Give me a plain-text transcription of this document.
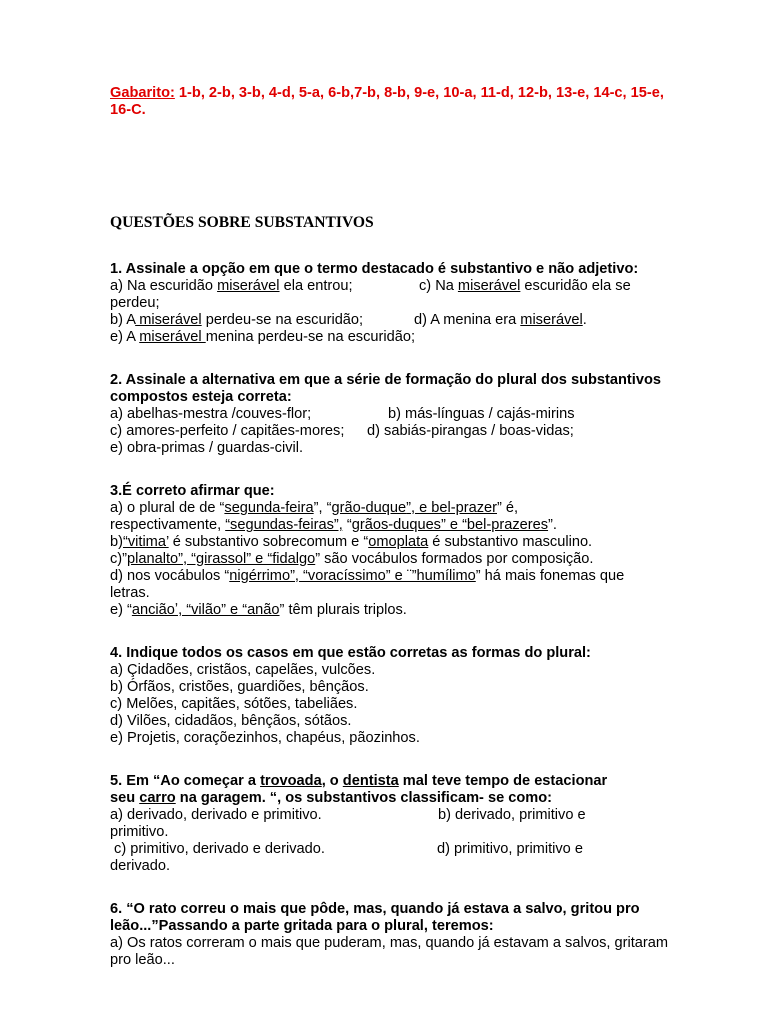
Gabarito: 1-b, 2-b, 3-b, 4-d, 5-a, 6-b,7-b, 8-b, 9-e, 10-a, 11-d, 12-b, 13-e, 14-c, 15-e, 16-C.
QUESTÕES SOBRE SUBSTANTIVOS
1. Assinale a opção em que o termo destacado é substantivo e não adjetivo:
a) Na escuridão miserável ela entrou;	c) Na miserável escuridão ela se
perdeu;
b) A miserável perdeu-se na escuridão;	d) A menina era miserável.
e) A miserável menina perdeu-se na escuridão;
2. Assinale a alternativa em que a série de formação do plural dos substantivos compostos esteja correta:
a) abelhas-mestra /couves-flor;	b) más-línguas / cajás-mirins
c) amores-perfeito / capitães-mores;	d) sabiás-pirangas / boas-vidas;
e) obra-primas / guardas-civil.
3.É correto afirmar que:
a) o plural de de “segunda-feira”, “grão-duque”, e bel-prazer” é,
respectivamente, “segundas-feiras”, “grãos-duques” e “bel-prazeres”.
b)“vitima’ é substantivo sobrecomum e “omoplata é substantivo masculino.
c)”planalto”, “girassol” e “fidalgo” são vocábulos formados por composição.
d) nos vocábulos “nigérrimo”, “voracíssimo” e ¨”humílimo” há mais fonemas que
letras.
e) “anciãoʼ, “vilão” e “anão” têm plurais triplos.
4. Indique todos os casos em que estão corretas as formas do plural:
a) Çidadões, cristãos, capelães, vulcões.
b) Órfãos, cristões, guardiões, bênçãos.
c) Melões, capitães, sótões, tabeliães.
d) Vilões, cidadãos, bênçãos, sótãos.
e) Projetis, coraçõezinhos, chapéus, pãozinhos.
5. Em “Ao começar a trovoada, o dentista mal teve tempo de estacionar
seu carro na garagem. “, os substantivos classificam- se como:
a) derivado, derivado e primitivo.	b) derivado, primitivo e
primitivo.
c) primitivo, derivado e derivado.	d) primitivo, primitivo e
derivado.
6. “O rato correu o mais que pôde, mas, quando já estava a salvo, gritou pro leão...”Passando a parte gritada para o plural, teremos:
a) Os ratos correram o mais que puderam, mas, quando já estavam a salvos, gritaram pro leão...
